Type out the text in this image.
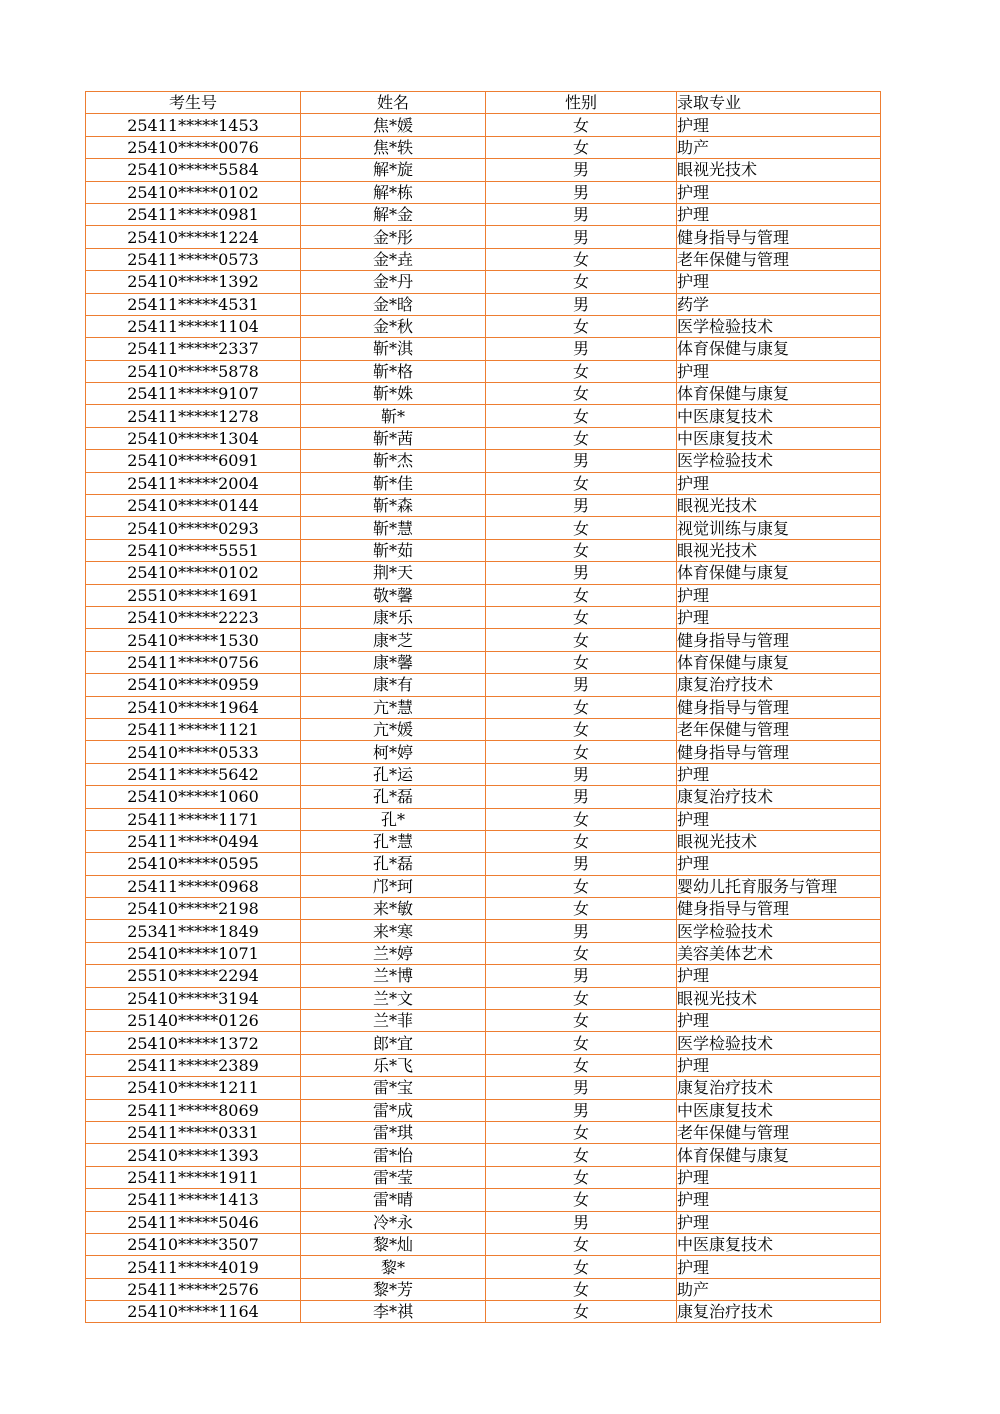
考生号	姓名	性别	录取专业
25411*****1453	焦*媛	女	护理
25410*****0076	焦*轶	女	助产
25410*****5584	解*旋	男	眼视光技术
25410*****0102	解*栋	男	护理
25411*****0981	解*金	男	护理
25410*****1224	金*彤	男	健身指导与管理
25411*****0573	金*垚	女	老年保健与管理
25410*****1392	金*丹	女	护理
25411*****4531	金*晗	男	药学
25411*****1104	金*秋	女	医学检验技术
25411*****2337	靳*淇	男	体育保健与康复
25410*****5878	靳*格	女	护理
25411*****9107	靳*姝	女	体育保健与康复
25411*****1278	靳*	女	中医康复技术
25410*****1304	靳*茜	女	中医康复技术
25410*****6091	靳*杰	男	医学检验技术
25411*****2004	靳*佳	女	护理
25410*****0144	靳*森	男	眼视光技术
25410*****0293	靳*慧	女	视觉训练与康复
25410*****5551	靳*茹	女	眼视光技术
25410*****0102	荆*天	男	体育保健与康复
25510*****1691	敬*馨	女	护理
25410*****2223	康*乐	女	护理
25410*****1530	康*芝	女	健身指导与管理
25411*****0756	康*馨	女	体育保健与康复
25410*****0959	康*有	男	康复治疗技术
25410*****1964	亢*慧	女	健身指导与管理
25411*****1121	亢*媛	女	老年保健与管理
25410*****0533	柯*婷	女	健身指导与管理
25411*****5642	孔*运	男	护理
25410*****1060	孔*磊	男	康复治疗技术
25411*****1171	孔*	女	护理
25411*****0494	孔*慧	女	眼视光技术
25410*****0595	孔*磊	男	护理
25411*****0968	邝*珂	女	婴幼儿托育服务与管理
25410*****2198	来*敏	女	健身指导与管理
25341*****1849	来*寒	男	医学检验技术
25410*****1071	兰*婷	女	美容美体艺术
25510*****2294	兰*博	男	护理
25410*****3194	兰*文	女	眼视光技术
25140*****0126	兰*菲	女	护理
25410*****1372	郎*宜	女	医学检验技术
25411*****2389	乐*飞	女	护理
25410*****1211	雷*宝	男	康复治疗技术
25411*****8069	雷*成	男	中医康复技术
25411*****0331	雷*琪	女	老年保健与管理
25410*****1393	雷*怡	女	体育保健与康复
25411*****1911	雷*莹	女	护理
25411*****1413	雷*晴	女	护理
25411*****5046	冷*永	男	护理
25410*****3507	黎*灿	女	中医康复技术
25411*****4019	黎*	女	护理
25411*****2576	黎*芳	女	助产
25410*****1164	李*祺	女	康复治疗技术
